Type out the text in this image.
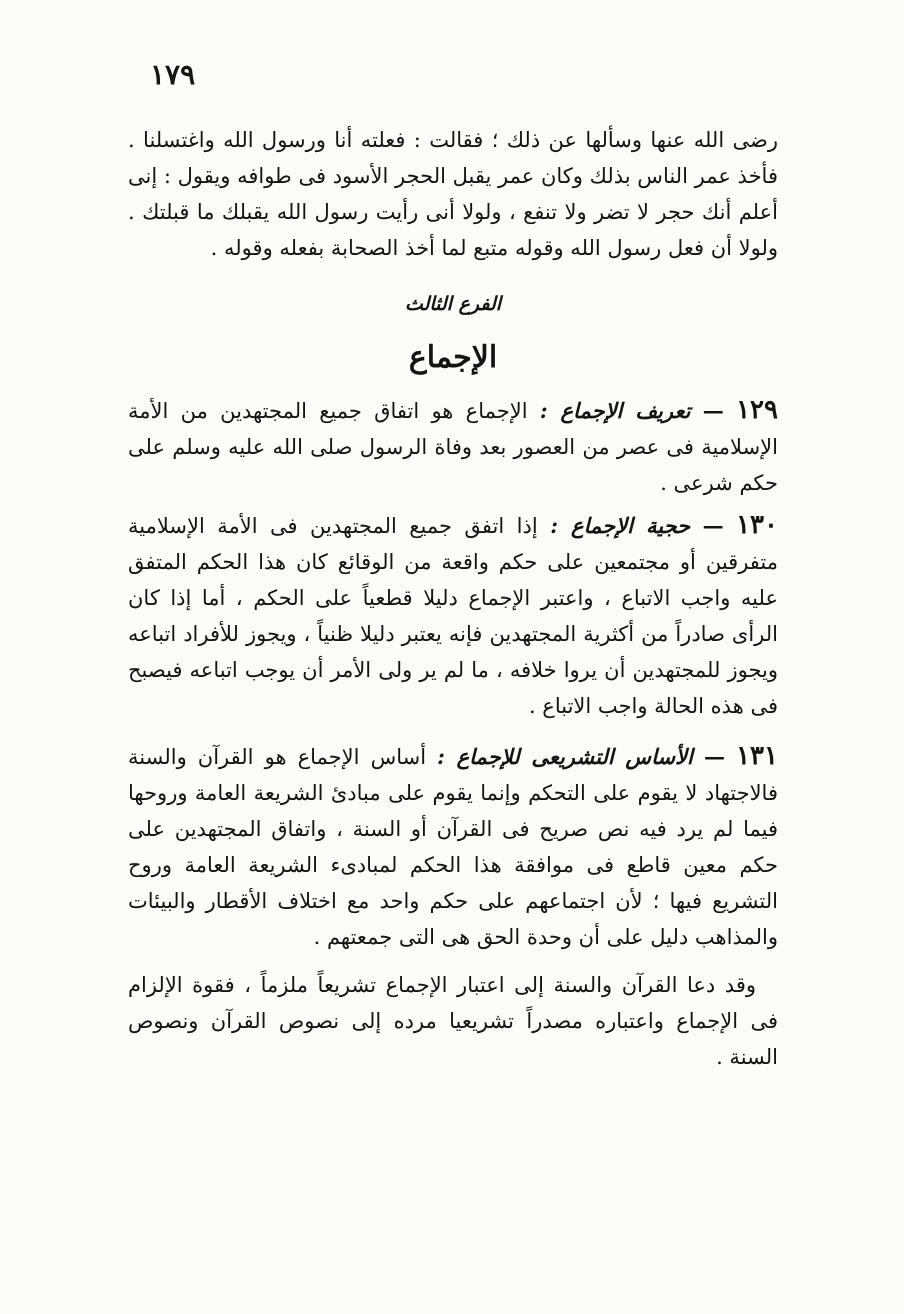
١٧٩

رضى الله عنها وسألها عن ذلك ؛ فقالت : فعلته أنا ورسول الله واغتسلنا . فأخذ عمر الناس بذلك وكان عمر يقبل الحجر الأسود فى طوافه ويقول : إنى أعلم أنك حجر لا تضر ولا تنفع ، ولولا أنى رأيت رسول الله يقبلك ما قبلتك . ولولا أن فعل رسول الله وقوله متبع لما أخذ الصحابة بفعله وقوله .

الفرع الثالث
الإجماع

١٢٩ — تعريف الإجماع : الإجماع هو اتفاق جميع المجتهدين من الأمة الإسلامية فى عصر من العصور بعد وفاة الرسول صلى الله عليه وسلم على حكم شرعى .

١٣٠ — حجية الإجماع : إذا اتفق جميع المجتهدين فى الأمة الإسلامية متفرقين أو مجتمعين على حكم واقعة من الوقائع كان هذا الحكم المتفق عليه واجب الاتباع ، واعتبر الإجماع دليلا قطعياً على الحكم ، أما إذا كان الرأى صادراً من أكثرية المجتهدين فإنه يعتبر دليلا ظنياً ، ويجوز للأفراد اتباعه ويجوز للمجتهدين أن يروا خلافه ، ما لم ير ولى الأمر أن يوجب اتباعه فيصبح فى هذه الحالة واجب الاتباع .

١٣١ — الأساس التشريعى للإجماع : أساس الإجماع هو القرآن والسنة فالاجتهاد لا يقوم على التحكم وإنما يقوم على مبادئ الشريعة العامة وروحها فيما لم يرد فيه نص صريح فى القرآن أو السنة ، واتفاق المجتهدين على حكم معين قاطع فى موافقة هذا الحكم لمبادىء الشريعة العامة وروح التشريع فيها ؛ لأن اجتماعهم على حكم واحد مع اختلاف الأقطار والبيئات والمذاهب دليل على أن وحدة الحق هى التى جمعتهم .

وقد دعا القرآن والسنة إلى اعتبار الإجماع تشريعاً ملزماً ، فقوة الإلزام فى الإجماع واعتباره مصدراً تشريعيا مرده إلى نصوص القرآن ونصوص السنة .
